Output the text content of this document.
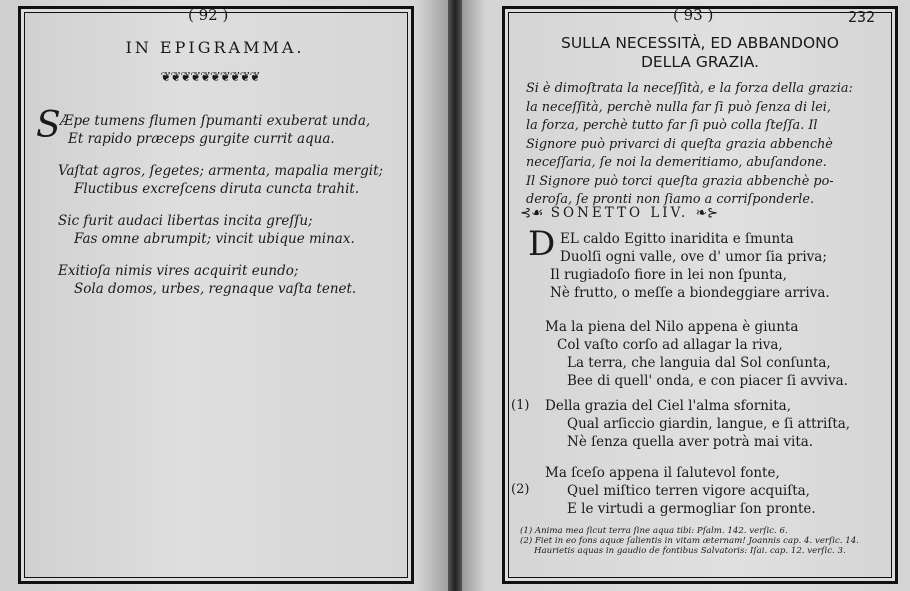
( 92 )
IN EPIGRAMMA.
❦❦❦❦❦❦❦❦❦❦
S Æpe tumens flumen ſpumanti exuberat unda,
Et rapido præceps gurgite currit aqua.
Vaſtat agros, ſegetes; armenta, mapalia mergit;
Fluctibus excreſcens diruta cuncta trahit.
Sic furit audaci libertas incita greſſu;
Fas omne abrumpit; vincit ubique minax.
Exitioſa nimis vires acquirit eundo;
Sola domos, urbes, regnaque vaſta tenet.
( 93 )	232
SULLA NECESSITÀ, ED ABBANDONO
DELLA GRAZIA.
Si è dimoſtrata la neceſſità, e la forza della grazia:
la neceſſità, perchè nulla far ſi può ſenza di lei,
la forza, perchè tutto far ſi può colla ſteſſa. Il
Signore può privarci di queſta grazia abbenchè
neceſſaria, ſe noi la demeritiamo, abuſandone.
Il Signore può torci queſta grazia abbenchè po-
deroſa, ſe pronti non ſiamo a corriſponderle.
⊰☙ SONETTO LIV. ❧⊱
D EL caldo Egitto inaridita e ſmunta
Duolſi ogni valle, ove d' umor ſia priva;
Il rugiadoſo fiore in lei non ſpunta,
Nè frutto, o meſſe a biondeggiare arriva.
Ma la piena del Nilo appena è giunta
Col vaſto corſo ad allagar la riva,
La terra, che languia dal Sol conſunta,
Bee di quell' onda, e con piacer ſi avviva.
(1) Della grazia del Ciel l'alma sfornita,
Qual arſiccio giardin, langue, e ſi attriſta,
Nè ſenza quella aver potrà mai vita.
(2)
Ma ſceſo appena il ſalutevol fonte,
Quel miſtico terren vigore acquiſta,
E le virtudi a germogliar ſon pronte.
(1) Anima mea ſicut terra ſine aqua tibi: Pſalm. 142. verſic. 6.
(2) Fiet in eo fons aquæ ſalientis in vitam æternam! Joannis cap. 4. verſic. 14.
Haurietis aquas in gaudio de fontibus Salvatoris: Iſai. cap. 12. verſic. 3.
